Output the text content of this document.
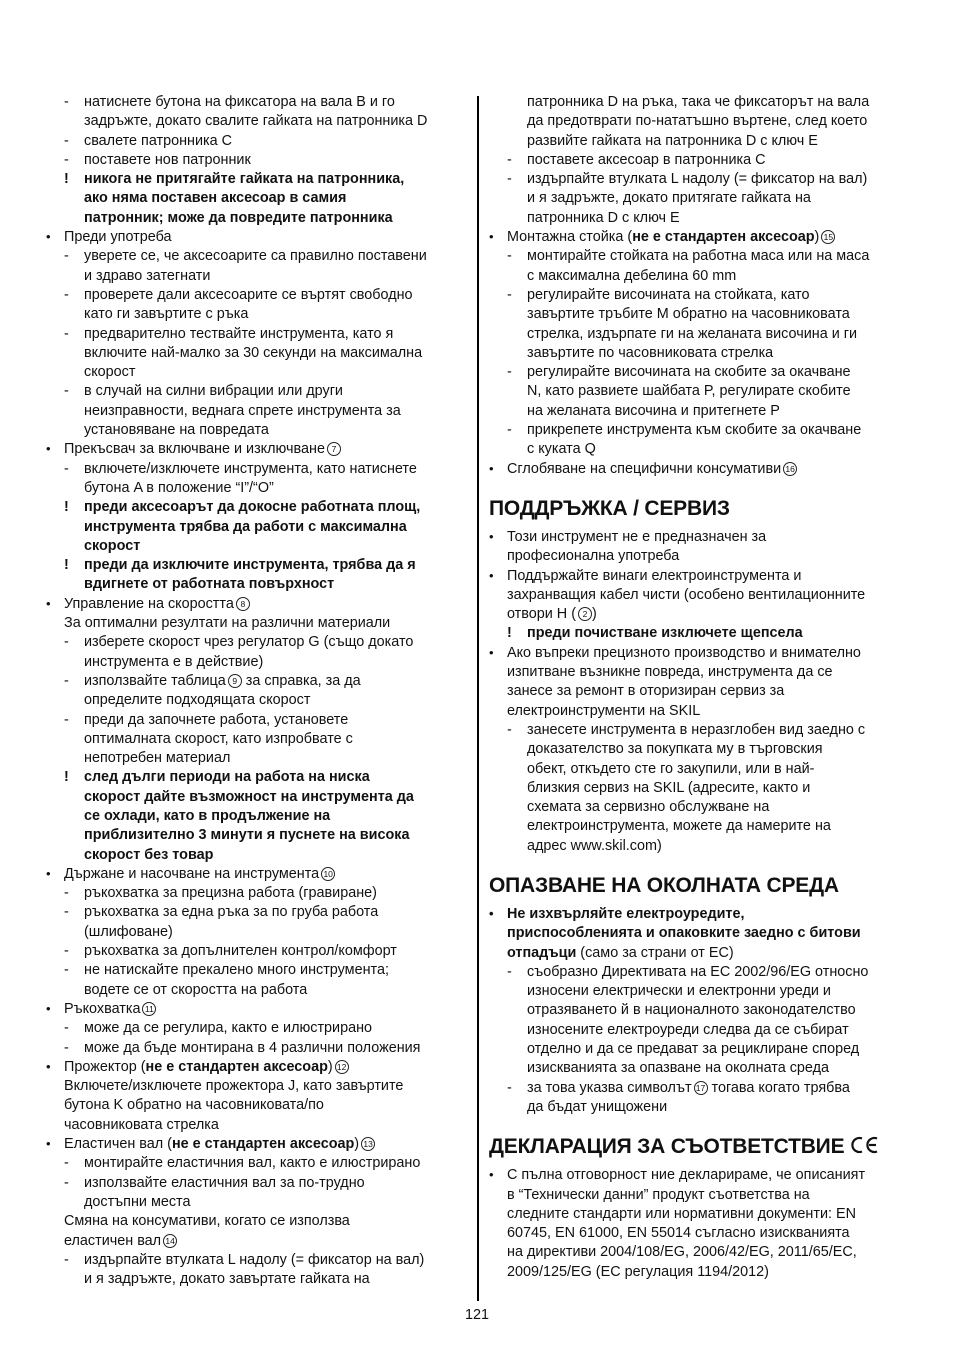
-	натиснете бутона на фиксатора на вала B и го
задръжте, докато свалите гайката на патронника D
-	свалете патронника C
-	поставете нов патронник
!	никога не притягайте гайката на патронника,
ако няма поставен аксесоар в самия
патронник; може да повредите патронника
• Преди употреба
-	уверете се, че аксесоарите са правилно поставени
и здраво затегнати
-	проверете дали аксесоарите се въртят свободно
като ги завъртите с ръка
-	предварително тествайте инструмента, като я
включите най-малко за 30 секунди на максимална
скорост
-	в случай на силни вибрации или други
неизправности, веднага спрете инструмента за
установяване на повредата
• Прекъсвач за включване и изключване 7
-	включете/изключете инструмента, като натиснете
бутона A в положение “I”/“O”
!	преди аксесоарът да докосне работната площ,
инструмента трябва да работи с максимална
скорост
!	преди да изключите инструмента, трябва да я
вдигнете от работната повърхност
• Управление на скоростта 8
За оптимални резултати на различни материали
-	изберете скорост чрез регулатор G (също докато
инструмента е в действие)
-	използвайте таблица 9 за справка, за да
определите подходящата скорост
-	преди да започнете работа, установете
оптималната скорост, като изпробвате с
непотребен материал
!	след дълги периоди на работа на ниска
скорост дайте възможност на инструмента да
се охлади, като в продължение на
приблизително 3 минути я пуснете на висока
скорост без товар
• Държане и насочване на инструмента 10
-	ръкохватка за прецизна работа (гравиране)
-	ръкохватка за една ръка за по груба работа
(шлифоване)
-	ръкохватка за допълнителен контрол/комфорт
-	не натискайте прекалено много инструмента;
водете се от скоростта на работа
• Ръкохватка 11
-	може да се регулира, както е илюстрирано
-	може да бъде монтирана в 4 различни положения
• Прожектор (не е стандартен аксесоар) 12
Включете/изключете прожектора J, като завъртите
бутона K обратно на часовниковата/по
часовниковата стрелка
• Еластичен вал (не е стандартен аксесоар) 13
-	монтирайте еластичния вал, както е илюстрирано
-	използвайте еластичния вал за по-трудно
достъпни места
Смяна на консумативи, когато се използва
еластичен вал 14
-	издърпайте втулката L надолу (= фиксатор на вал)
и я задръжте, докато завъртате гайката на
патронника D на ръка, така че фиксаторът на вала
да предотврати по-нататъшно въртене, след което
развийте гайката на патронника D с ключ E
-	поставете аксесоар в патронника C
-	издърпайте втулката L надолу (= фиксатор на вал)
и я задръжте, докато притягате гайката на
патронника D с ключ E
• Монтажна стойка (не е стандартен аксесоар) 15
-	монтирайте стойката на работна маса или на маса
с максимална дебелина 60 mm
-	регулирайте височината на стойката, като
завъртите тръбите M обратно на часовниковата
стрелка, издърпате ги на желаната височина и ги
завъртите по часовниковата стрелка
-	регулирайте височината на скобите за окачване
N, като развиете шайбата P, регулирате скобите
на желаната височина и притегнете P
-	прикрепете инструмента към скобите за окачване
с куката Q
• Сглобяване на специфични консумативи 16
ПОДДРЪЖКА / СЕРВИЗ
• Този инструмент не е предназначен за
професионална употреба
• Поддържайте винаги електроинструмента и
захранващия кабел чисти (особено вентилационните
отвори H ( 2 )
!	преди почистване изключете щепсела
• Ако въпреки прецизното производство и внимателно
изпитване възникне повреда, инструмента да се
занесе за ремонт в оторизиран сервиз за
електроинструменти на SKIL
-	занесете инструмента в неразглобен вид заедно с
доказателство за покупката му в търговския
обект, откъдето сте го закупили, или в най-
близкия сервиз на SKIL (адресите, както и
схемата за сервизно обслужване на
електроинструмента, можете да намерите на
адрес www.skil.com)
ОПАЗВАНЕ НА ОКОЛНАТА СРЕДА
• Не изхвърляйте електроуредите,
приспособленията и опаковките заедно с битови
отпадъци (само за страни от ЕС)
-	съобразно Директивата на ЕС 2002/96/EG относно
износени електрически и електронни уреди и
отразяването й в националното законодателство
износените електроуреди следва да се събират
отделно и да се предават за рециклиране според
изискванията за опазване на околната среда
-	за това указва символът 17 тогава когато трябва
да бъдат унищожени
ДЕКЛАРАЦИЯ ЗА СЪОТВЕТСТВИЕ
• С пълна отговорност ние декларираме, че описаният
в “Технически данни” продукт съответства на
следните стандарти или нормативни документи: EN
60745, EN 61000, EN 55014 съгласно изискванията
на директиви 2004/108/EG, 2006/42/EG, 2011/65/EC,
2009/125/EG (ЕС регулация 1194/2012)
121
